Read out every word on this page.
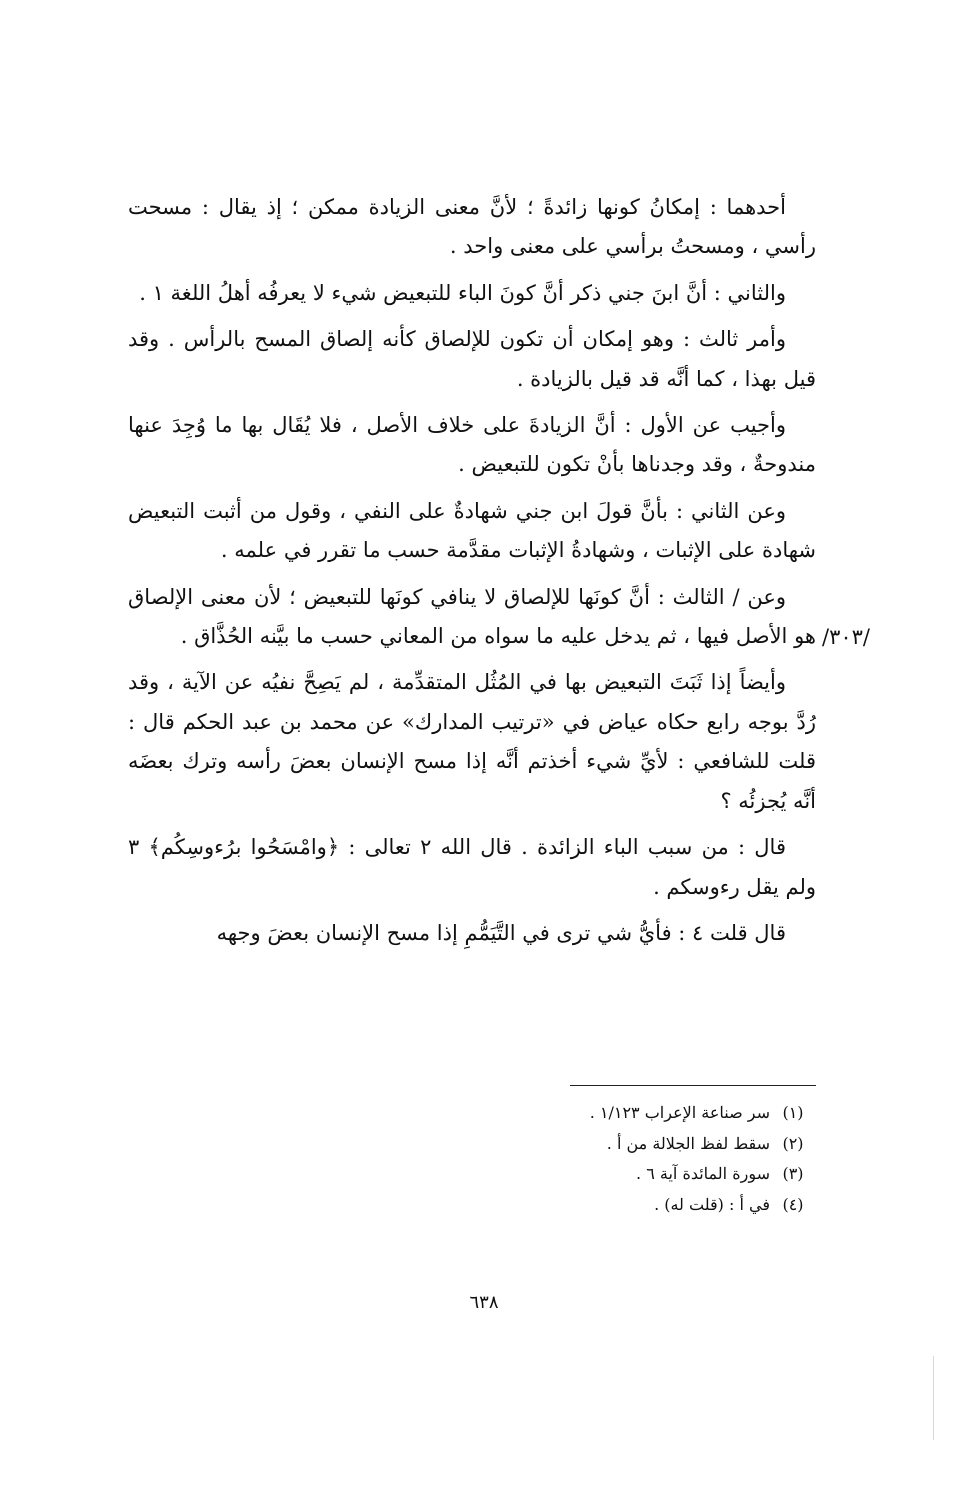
أحدهما : إمكانُ كونها زائدةً ؛ لأنَّ معنى الزيادة ممكن ؛ إذ يقال : مسحت رأسي ، ومسحتُ برأسي على معنى واحد .

والثاني : أنَّ ابنَ جني ذكر أنَّ كونَ الباء للتبعيض شيء لا يعرفُه أهلُ اللغة ١ .

وأمر ثالث : وهو إمكان أن تكون للإلصاق كأنه إلصاق المسح بالرأس . وقد قيل بهذا ، كما أنَّه قد قيل بالزيادة .

وأجيب عن الأول : أنَّ الزيادةَ على خلاف الأصل ، فلا يُقَال بها ما وُجِدَ عنها مندوحةٌ ، وقد وجدناها بأنْ تكون للتبعيض .

وعن الثاني : بأنَّ قولَ ابن جني شهادةٌ على النفي ، وقول من أثبت التبعيض شهادة على الإثبات ، وشهادةُ الإثبات مقدَّمة حسب ما تقرر في علمه .

وعن / الثالث : أنَّ كونَها للإلصاق لا ينافي كونَها للتبعيض ؛ لأن معنى الإلصاق هو الأصل فيها ، ثم يدخل عليه ما سواه من المعاني حسب ما بيَّنه الحُذَّاق .

وأيضاً إذا ثَبَتَ التبعيض بها في المُثُل المتقدِّمة ، لم يَصِحَّ نفيُه عن الآية ، وقد رُدَّ بوجه رابع حكاه عياض في «ترتيب المدارك» عن محمد بن عبد الحكم قال : قلت للشافعي : لأيِّ شيء أخذتم أنَّه إذا مسح الإنسان بعضَ رأسه وترك بعضَه أنَّه يُجزئُه ؟

قال : من سبب الباء الزائدة . قال الله ٢ تعالى : ﴿وامْسَحُوا برُءوسِكُم﴾ ٣ ولم يقل رءوسكم .

قال قلت ٤ : فأيُّ شي ترى في التَّيَمُّمِ إذا مسح الإنسان بعضَ وجهه

/٣٠٣/
(١)
سر صناعة الإعراب ١/١٢٣ .
(٢)
سقط لفظ الجلالة من أ .
(٣)
سورة المائدة آية ٦ .
(٤)
في أ : (قلت له) .
٦٣٨
